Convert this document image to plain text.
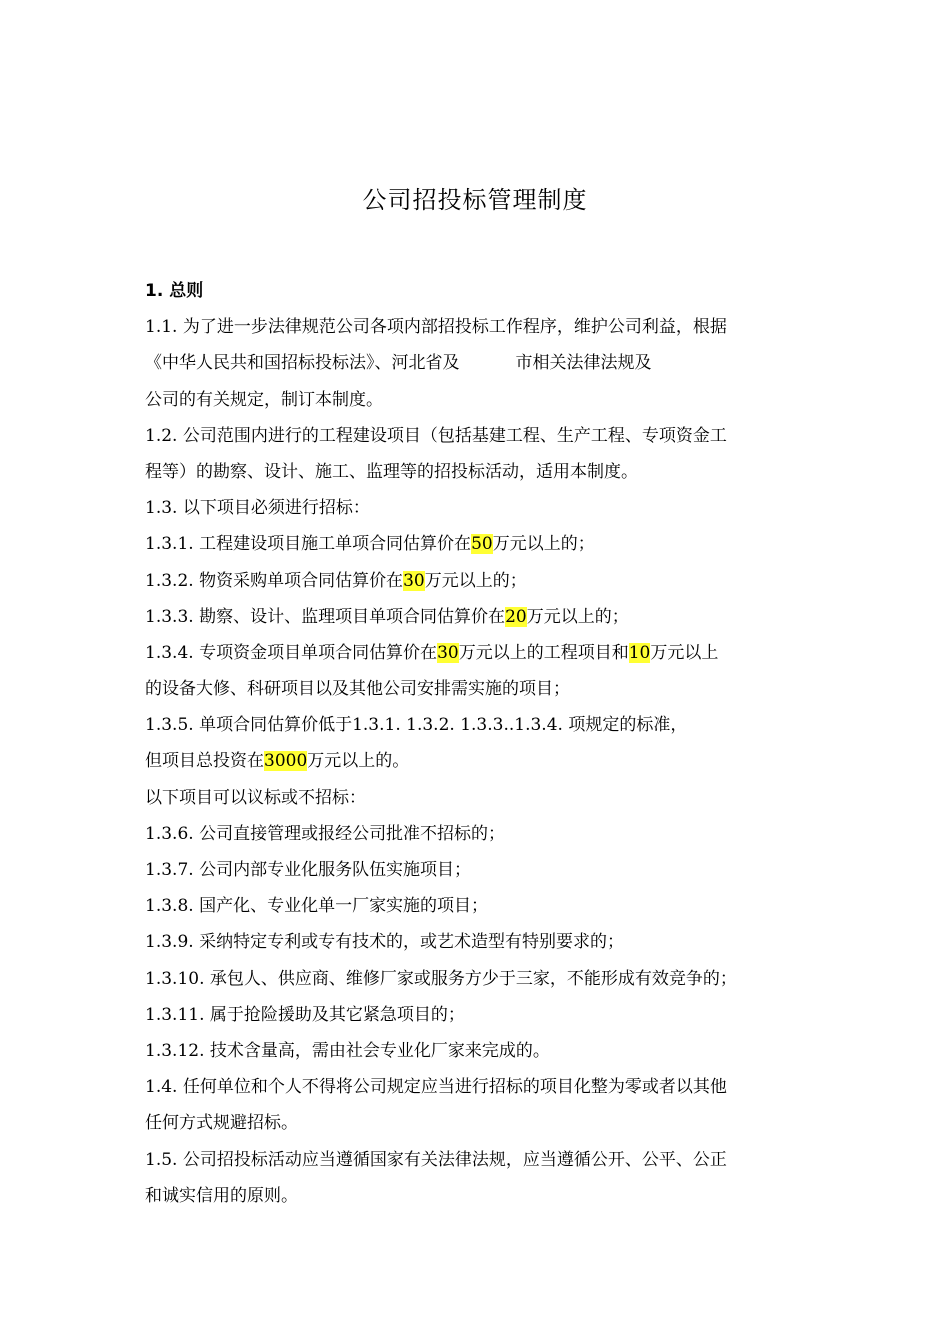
公司招投标管理制度
1. 总则
1.1. 为了进一步法律规范公司各项内部招投标工作程序，维护公司利益，根据
《中华人民共和国招标投标法》、河北省及	市相关法律法规及
公司的有关规定，制订本制度。
1.2. 公司范围内进行的工程建设项目（包括基建工程、生产工程、专项资金工
程等）的勘察、设计、施工、监理等的招投标活动，适用本制度。
1.3. 以下项目必须进行招标：
1.3.1. 工程建设项目施工单项合同估算价在50万元以上的；
1.3.2. 物资采购单项合同估算价在30万元以上的；
1.3.3. 勘察、设计、监理项目单项合同估算价在20万元以上的；
1.3.4. 专项资金项目单项合同估算价在30万元以上的工程项目和10万元以上
的设备大修、科研项目以及其他公司安排需实施的项目；
1.3.5. 单项合同估算价低于1.3.1. 1.3.2. 1.3.3..1.3.4. 项规定的标准，
但项目总投资在3000万元以上的。
以下项目可以议标或不招标：
1.3.6. 公司直接管理或报经公司批准不招标的；
1.3.7. 公司内部专业化服务队伍实施项目；
1.3.8. 国产化、专业化单一厂家实施的项目；
1.3.9. 采纳特定专利或专有技术的，或艺术造型有特别要求的；
1.3.10. 承包人、供应商、维修厂家或服务方少于三家，不能形成有效竞争的；
1.3.11. 属于抢险援助及其它紧急项目的；
1.3.12. 技术含量高，需由社会专业化厂家来完成的。
1.4. 任何单位和个人不得将公司规定应当进行招标的项目化整为零或者以其他
任何方式规避招标。
1.5. 公司招投标活动应当遵循国家有关法律法规，应当遵循公开、公平、公正
和诚实信用的原则。
